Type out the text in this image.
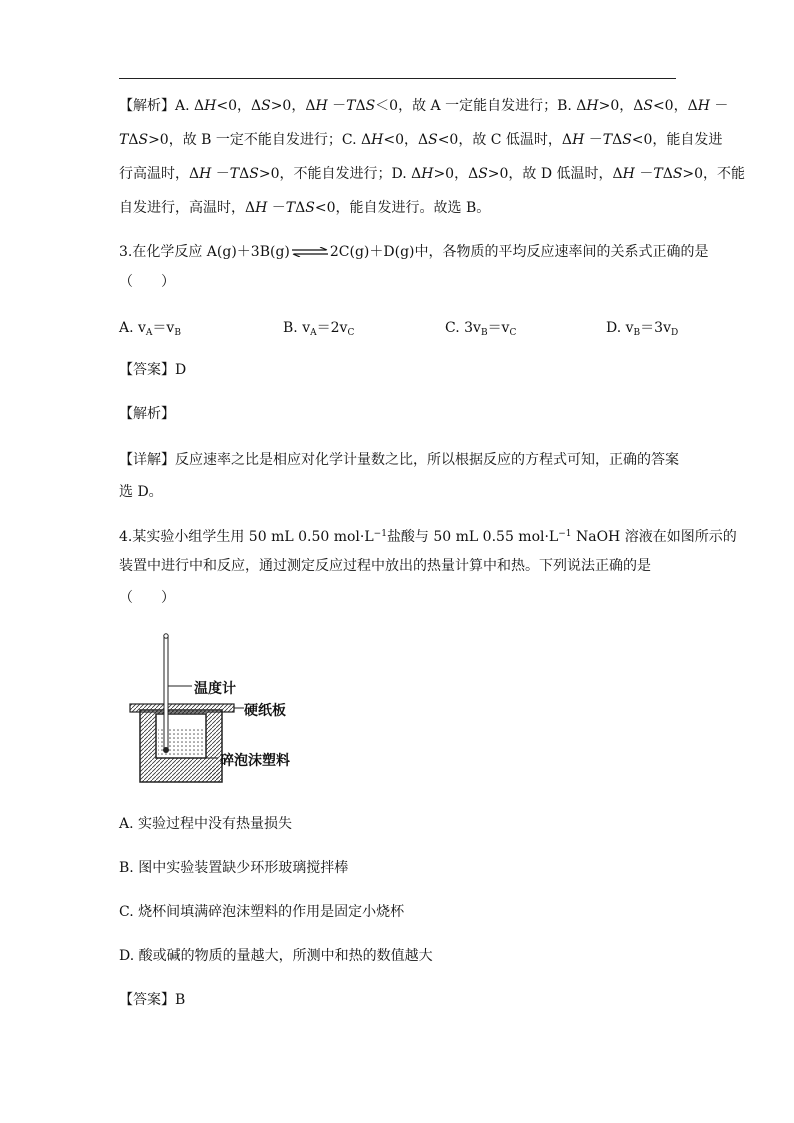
【解析】A. ΔH<0，ΔS>0，ΔH －TΔS＜0，故 A 一定能自发进行；B. ΔH>0，ΔS<0，ΔH －
TΔS>0，故 B 一定不能自发进行；C. ΔH<0，ΔS<0，故 C 低温时，ΔH －TΔS<0，能自发进
行高温时，ΔH －TΔS>0，不能自发进行；D. ΔH>0，ΔS>0，故 D 低温时，ΔH －TΔS>0，不能
自发进行，高温时，ΔH －TΔS<0，能自发进行。故选 B。
3.在化学反应 A(g)＋3B(g)⇌2C(g)＋D(g)中，各物质的平均反应速率间的关系式正确的是
（　　）
A. $v_A=v_B$	B. $v_A=2v_C$	C. $3v_B=v_C$	D. $v_B=3v_D$
【答案】D
【解析】
【详解】反应速率之比是相应对化学计量数之比，所以根据反应的方程式可知，正确的答案
选 D。
4.某实验小组学生用 50 mL 0.50 $mol\cdot L^{-1}$盐酸与 50 mL 0.55 $mol\cdot L^{-1}$ NaOH 溶液在如图所示的
装置中进行中和反应，通过测定反应过程中放出的热量计算中和热。下列说法正确的是
（　　）
温度计
硬纸板
碎泡沫塑料
A. 实验过程中没有热量损失
B. 图中实验装置缺少环形玻璃搅拌棒
C. 烧杯间填满碎泡沫塑料的作用是固定小烧杯
D. 酸或碱的物质的量越大，所测中和热的数值越大
【答案】B
